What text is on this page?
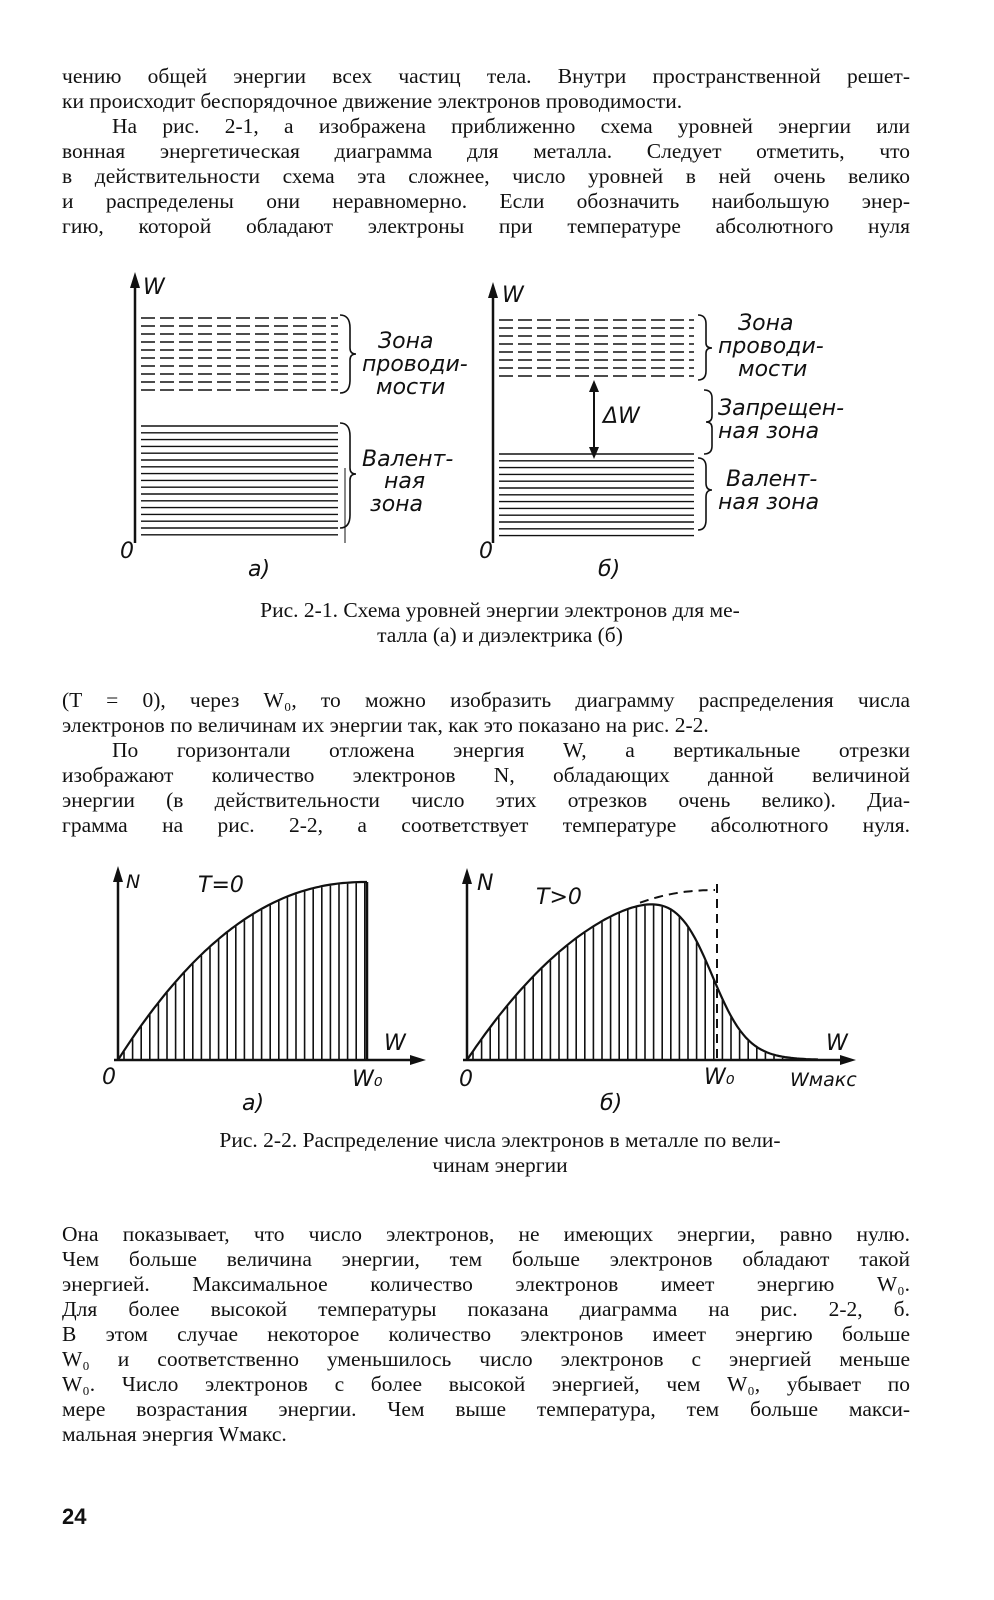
чению общей энергии всех частиц тела. Внутри пространственной решет-
ки происходит беспорядочное движение электронов проводимости.
На рис. 2-1, а изображена приближенно схема уровней энергии или
вонная энергетическая диаграмма для металла. Следует отметить, что
в действительности схема эта сложнее, число уровней в ней очень велико
и распределены они неравномерно. Если обозначить наибольшую энер-
гию, которой обладают электроны при температуре абсолютного нуля
W
0
Зона
проводи-
мости
Валент-
ная
зона
а)
W
0
ΔW
Зона
проводи-
мости
Запрещен-
ная зона
Валент-
ная зона
б)
Рис. 2-1. Схема уровней энергии электронов для ме-
талла (а) и диэлектрика (б)
(T = 0), через W₀, то можно изобразить диаграмму распределения числа
электронов по величинам их энергии так, как это показано на рис. 2-2.
По горизонтали отложена энергия W, а вертикальные отрезки
изображают количество электронов N, обладающих данной величиной
энергии (в действительности число этих отрезков очень велико). Диа-
грамма на рис. 2-2, а соответствует температуре абсолютного нуля.
N	T=0
W
0	W₀
а)
N
T>0
W
0	W₀	Wмакс
б)
Рис. 2-2. Распределение числа электронов в металле по вели-
чинам энергии
Она показывает, что число электронов, не имеющих энергии, равно нулю.
Чем больше величина энергии, тем больше электронов обладают такой
энергией. Максимальное количество электронов имеет энергию W₀.
Для более высокой температуры показана диаграмма на рис. 2-2, б.
В этом случае некоторое количество электронов имеет энергию больше
W₀ и соответственно уменьшилось число электронов с энергией меньше
W₀. Число электронов с более высокой энергией, чем W₀, убывает по
мере возрастания энергии. Чем выше температура, тем больше макси-
мальная энергия Wмакс.
24
